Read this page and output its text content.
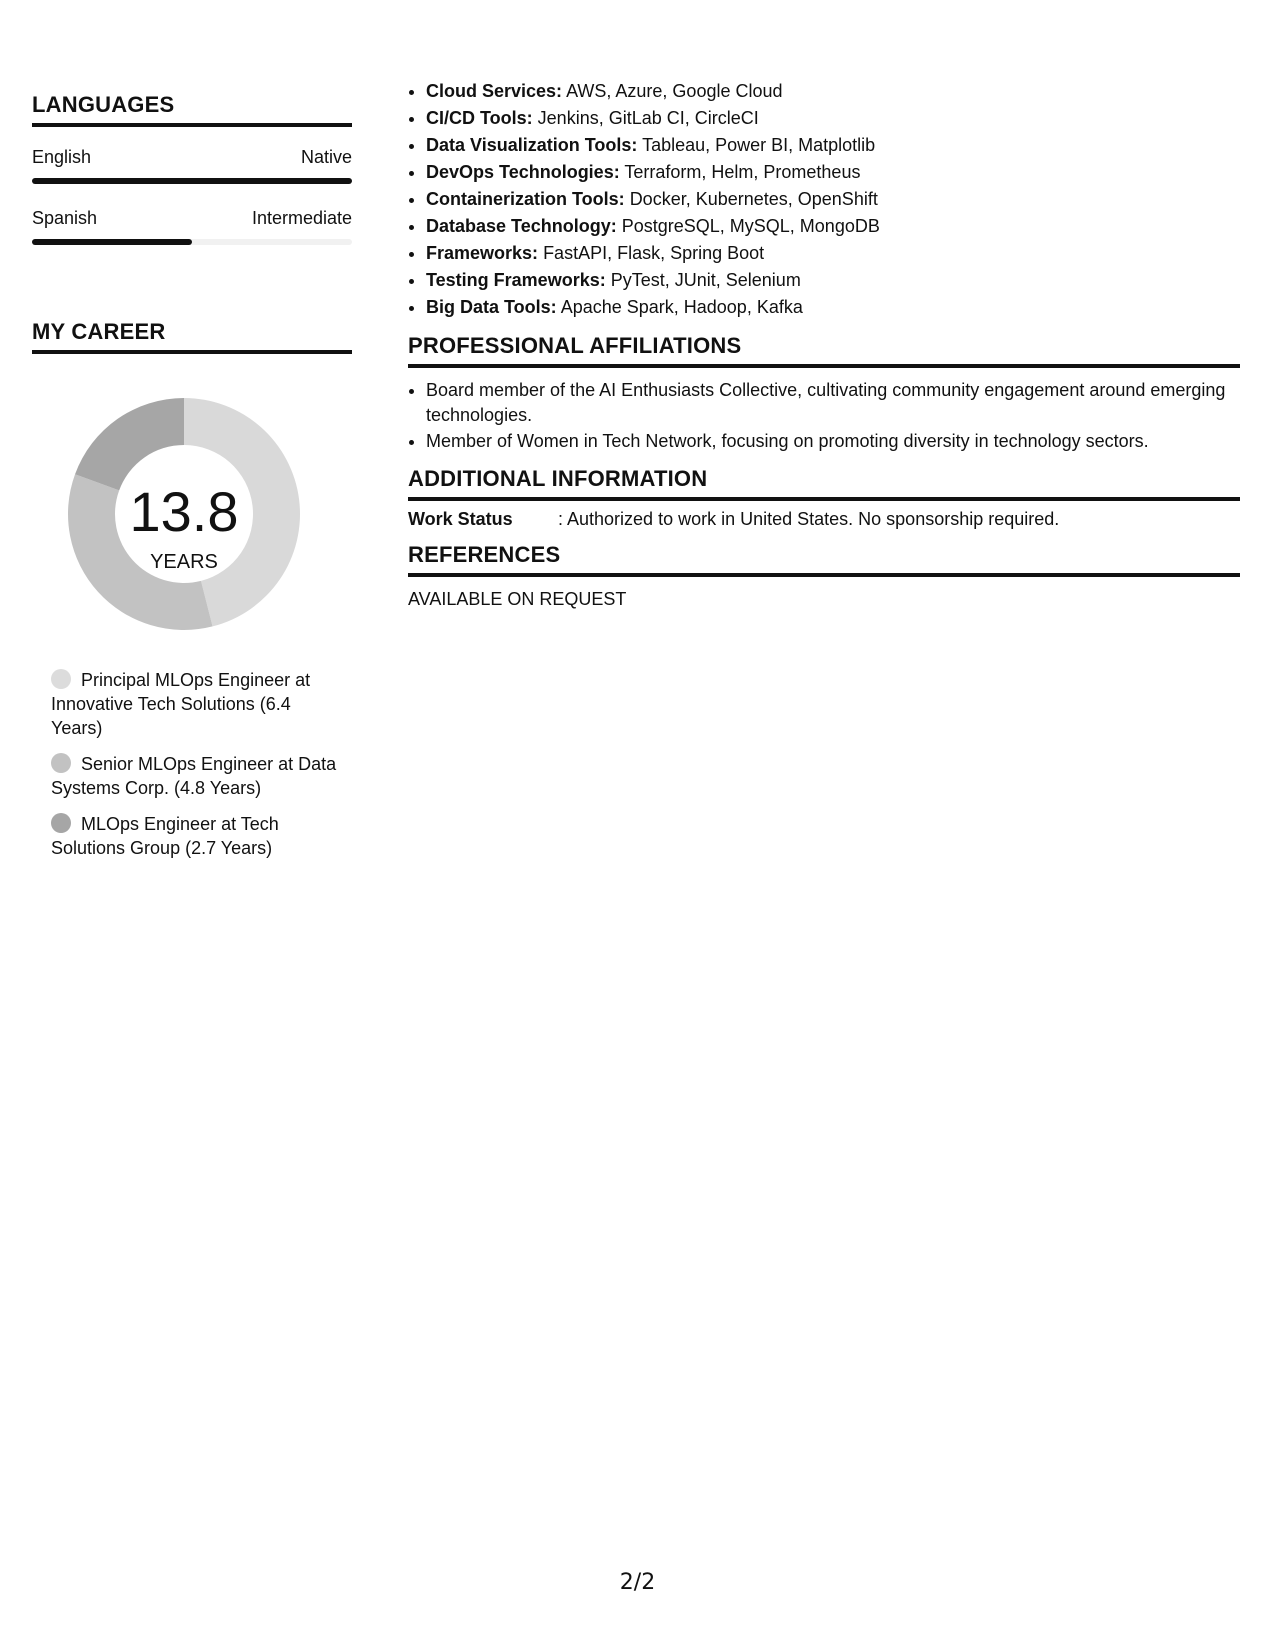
LANGUAGES
English	Native
Spanish	Intermediate
MY CAREER
13.8
YEARS
Principal MLOps Engineer at Innovative Tech Solutions (6.4 Years)
Senior MLOps Engineer at Data Systems Corp. (4.8 Years)
MLOps Engineer at Tech Solutions Group (2.7 Years)
• Cloud Services: AWS, Azure, Google Cloud
• CI/CD Tools: Jenkins, GitLab CI, CircleCI
• Data Visualization Tools: Tableau, Power BI, Matplotlib
• DevOps Technologies: Terraform, Helm, Prometheus
• Containerization Tools: Docker, Kubernetes, OpenShift
• Database Technology: PostgreSQL, MySQL, MongoDB
• Frameworks: FastAPI, Flask, Spring Boot
• Testing Frameworks: PyTest, JUnit, Selenium
• Big Data Tools: Apache Spark, Hadoop, Kafka
PROFESSIONAL AFFILIATIONS
• Board member of the AI Enthusiasts Collective, cultivating community engagement around emerging technologies.
• Member of Women in Tech Network, focusing on promoting diversity in technology sectors.
ADDITIONAL INFORMATION
Work Status	: Authorized to work in United States. No sponsorship required.
REFERENCES
AVAILABLE ON REQUEST
2/2
